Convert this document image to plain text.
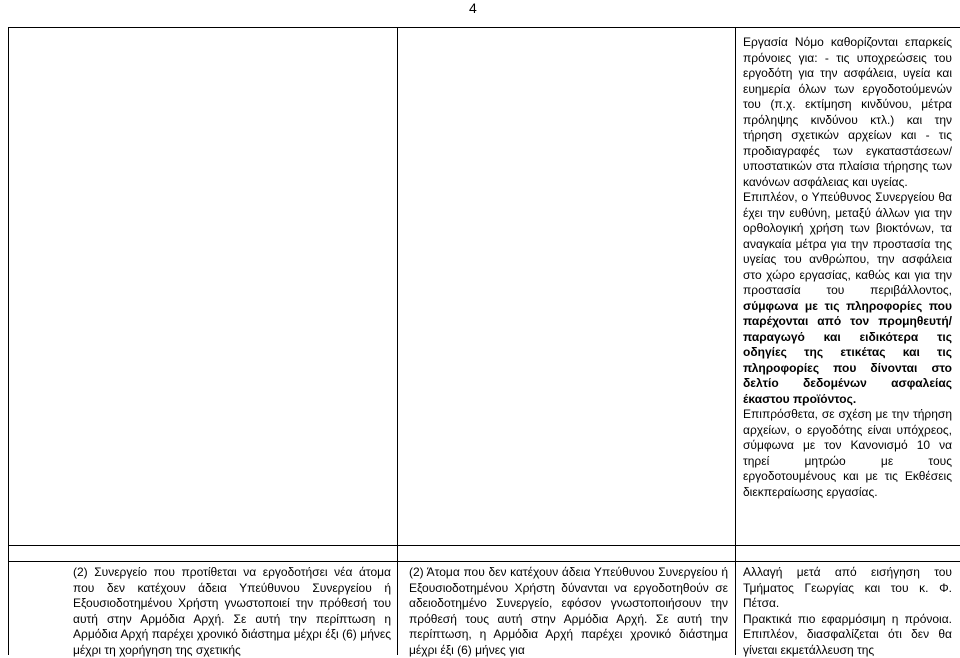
4

Εργασία Νόμο καθορίζονται επαρκείς πρόνοιες για: - τις υποχρεώσεις του εργοδότη για την ασφάλεια, υγεία και ευημερία όλων των εργοδοτούμενών του (π.χ. εκτίμηση κινδύνου, μέτρα πρόληψης κινδύνου κτλ.) και την τήρηση σχετικών αρχείων και - τις προδιαγραφές των εγκαταστάσεων/υποστατικών στα πλαίσια τήρησης των κανόνων ασφάλειας και υγείας.

Επιπλέον, ο Υπεύθυνος Συνεργείου θα έχει την ευθύνη, μεταξύ άλλων για την ορθολογική χρήση των βιοκτόνων, τα αναγκαία μέτρα για την προστασία της υγείας του ανθρώπου, την ασφάλεια στο χώρο εργασίας, καθώς και για την προστασία του περιβάλλοντος, σύμφωνα με τις πληροφορίες που παρέχονται από τον προμηθευτή/παραγωγό και ειδικότερα τις οδηγίες της ετικέτας και τις πληροφορίες που δίνονται στο δελτίο δεδομένων ασφαλείας έκαστου προϊόντος.

Επιπρόσθετα, σε σχέση με την τήρηση αρχείων, ο εργοδότης είναι υπόχρεος, σύμφωνα με τον Κανονισμό 10 να τηρεί μητρώο με τους εργοδοτουμένους και με τις Εκθέσεις διεκπεραίωσης εργασίας.

(2) Συνεργείο που προτίθεται να εργοδοτήσει νέα άτομα που δεν κατέχουν άδεια Υπεύθυνου Συνεργείου ή Εξουσιοδοτημένου Χρήστη γνωστοποιεί την πρόθεσή του αυτή στην Αρμόδια Αρχή. Σε αυτή την περίπτωση η Αρμόδια Αρχή παρέχει χρονικό διάστημα μέχρι έξι (6) μήνες μέχρι τη χορήγηση της σχετικής
(2) Άτομα που δεν κατέχουν άδεια Υπεύθυνου Συνεργείου ή Εξουσιοδοτημένου Χρήστη δύνανται να εργοδοτηθούν σε αδειοδοτημένο Συνεργείο, εφόσον γνωστοποιήσουν την πρόθεσή τους αυτή στην Αρμόδια Αρχή. Σε αυτή την περίπτωση, η Αρμόδια Αρχή παρέχει χρονικό διάστημα μέχρι έξι (6) μήνες για

Αλλαγή μετά από εισήγηση του Τμήματος Γεωργίας και του κ. Φ. Πέτσα.

Πρακτικά πιο εφαρμόσιμη η πρόνοια. Επιπλέον, διασφαλίζεται ότι δεν θα γίνεται εκμετάλλευση της
